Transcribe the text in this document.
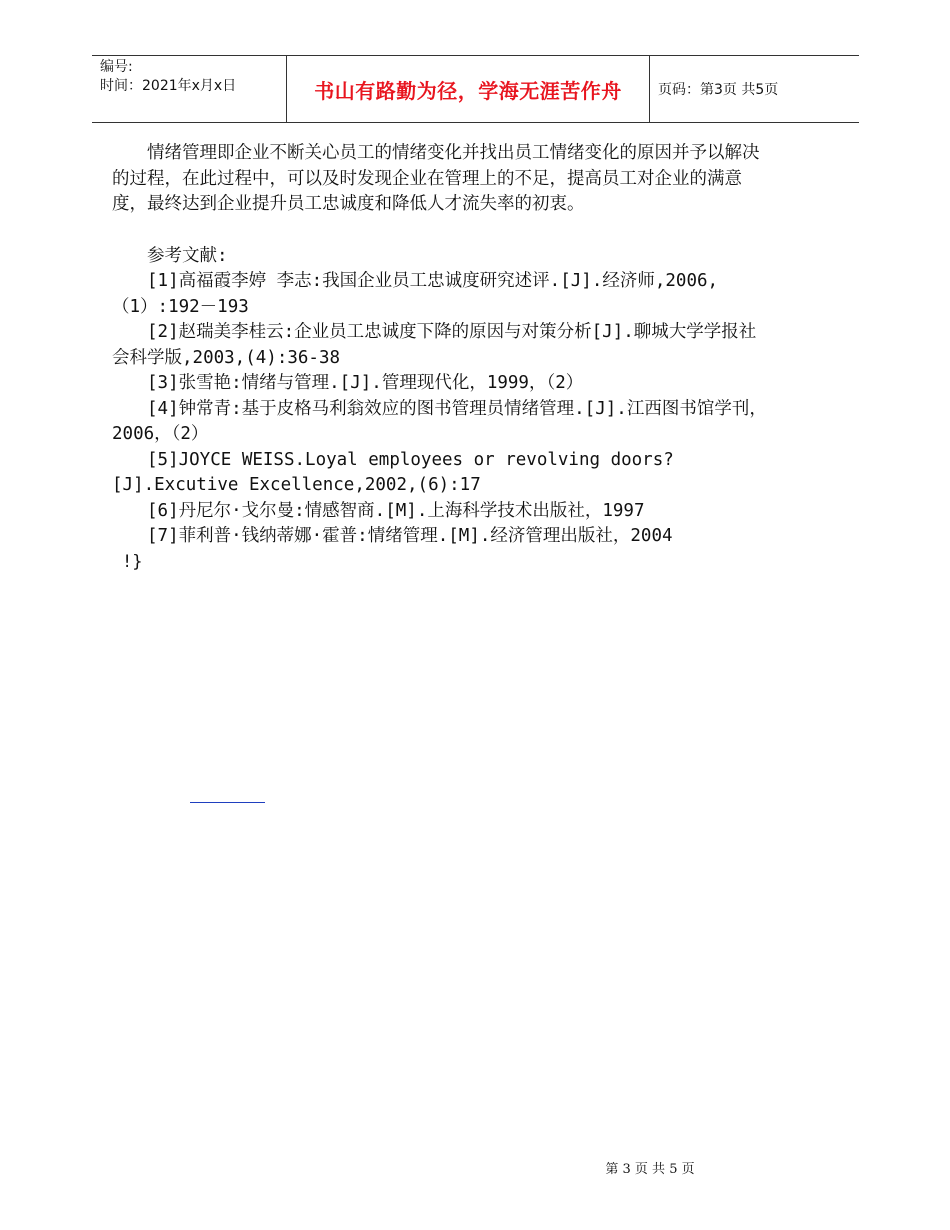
编号:
时间：2021年x月x日	书山有路勤为径，学海无涯苦作舟	页码：第3页 共5页

情绪管理即企业不断关心员工的情绪变化并找出员工情绪变化的原因并予以解决的过程，在此过程中，可以及时发现企业在管理上的不足，提高员工对企业的满意度，最终达到企业提升员工忠诚度和降低人才流失率的初衷。

参考文献:

[1]高福霞李婷 李志:我国企业员工忠诚度研究述评.[J].经济师,2006,（1）:192－193

[2]赵瑞美李桂云:企业员工忠诚度下降的原因与对策分析[J].聊城大学学报社会科学版,2003,(4):36-38

[3]张雪艳:情绪与管理.[J].管理现代化，1999，（2）

[4]钟常青:基于皮格马利翁效应的图书管理员情绪管理.[J].江西图书馆学刊，2006，（2）

[5]JOYCE WEISS.Loyal employees or revolving doors?[J].Excutive Excellence,2002,(6):17

[6]丹尼尔·戈尔曼:情感智商.[M].上海科学技术出版社，1997

[7]菲利普·钱纳蒂娜·霍普:情绪管理.[M].经济管理出版社，2004

!}

第 3 页 共 5 页
